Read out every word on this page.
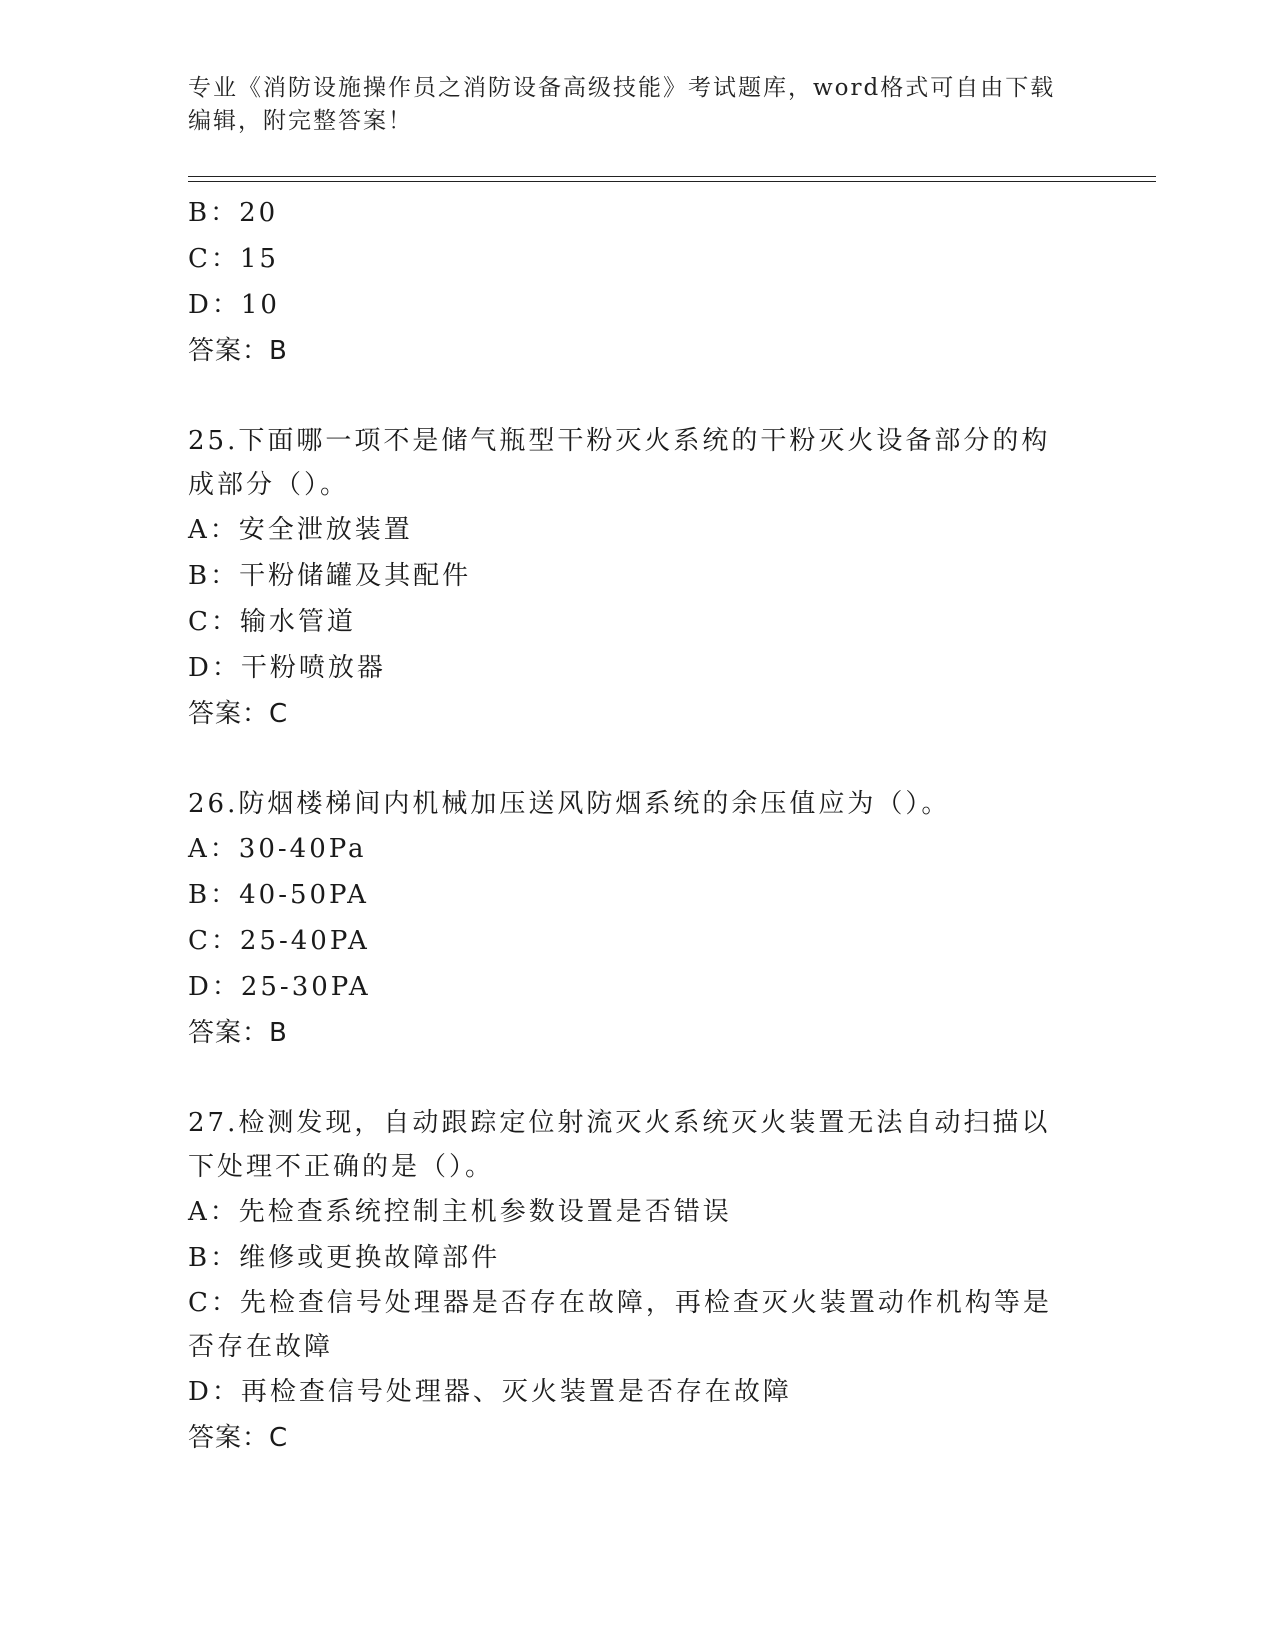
专业《消防设施操作员之消防设备高级技能》考试题库，word格式可自由下载编辑，附完整答案！
B：20
C：15
D：10
答案：B
25.下面哪一项不是储气瓶型干粉灭火系统的干粉灭火设备部分的构成部分（）。
A：安全泄放装置
B：干粉储罐及其配件
C：输水管道
D：干粉喷放器
答案：C
26.防烟楼梯间内机械加压送风防烟系统的余压值应为（）。
A：30-40Pa
B：40-50PA
C：25-40PA
D：25-30PA
答案：B
27.检测发现，自动跟踪定位射流灭火系统灭火装置无法自动扫描以下处理不正确的是（）。
A：先检查系统控制主机参数设置是否错误
B：维修或更换故障部件
C：先检查信号处理器是否存在故障，再检查灭火装置动作机构等是否存在故障
D：再检查信号处理器、灭火装置是否存在故障
答案：C
